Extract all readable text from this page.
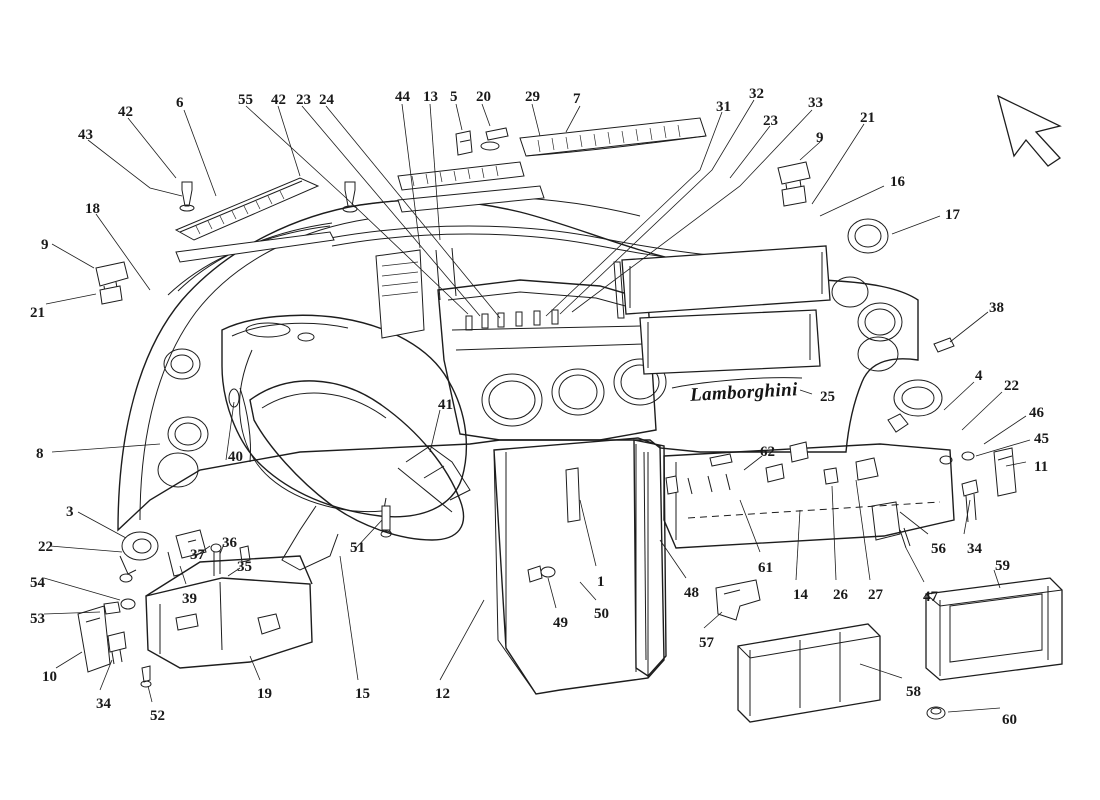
Lamborghini
43
42
6	55 42 23 24	44 13 5 20 29 7	31
32
33
23
9
21
16
17
18
9
21	38
4
22
46
45
11
25
41
8	40	62
3
22	37
36
35
39
51	56 34
54
53
1
48
61
14 26 27	47
59
49
50
57
10
34
52
19	15	12	58
60
